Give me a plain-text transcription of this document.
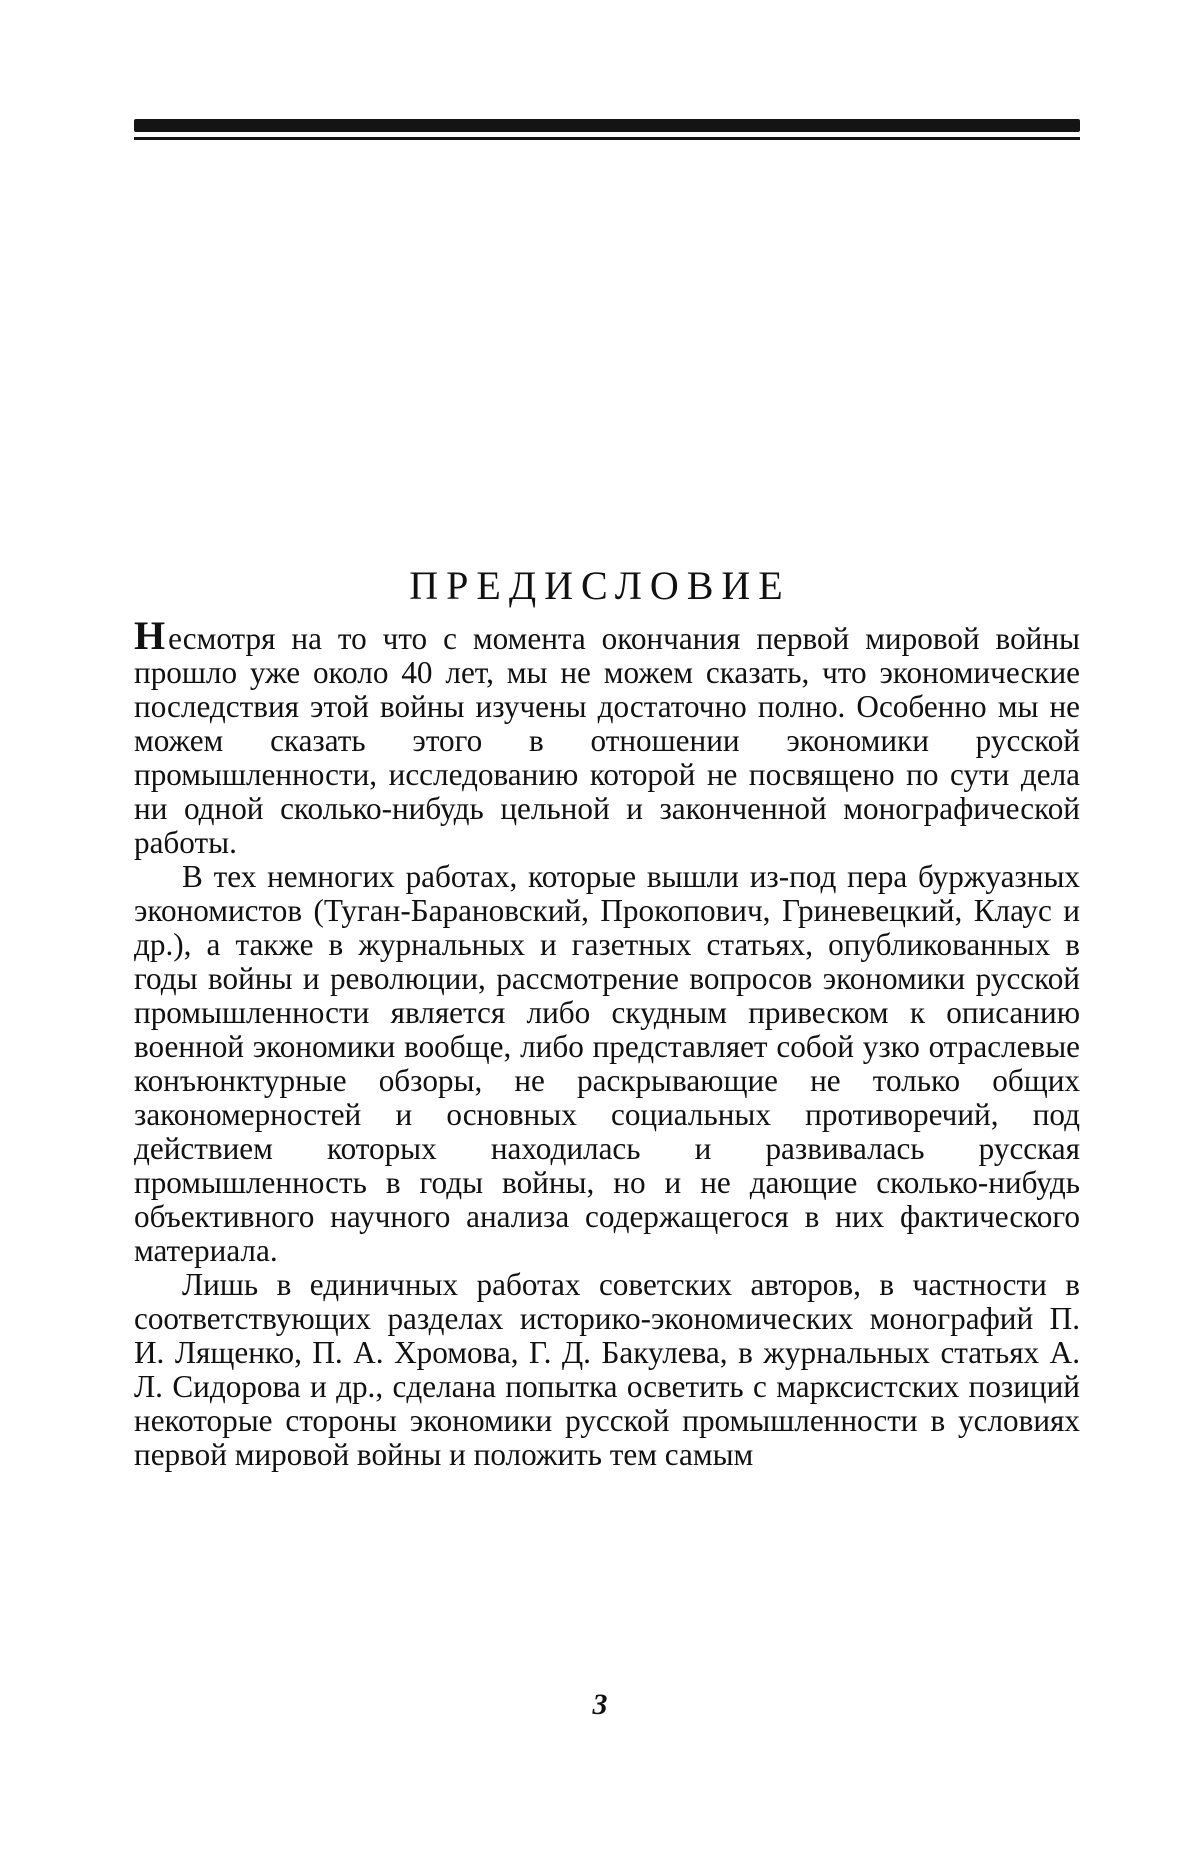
ПРЕДИСЛОВИЕ

Несмотря на то что с момента окончания первой мировой войны прошло уже около 40 лет, мы не можем сказать, что экономические последствия этой войны изучены достаточно полно. Особенно мы не можем сказать этого в отношении экономики русской промышленности, исследованию которой не посвящено по сути дела ни одной сколько-нибудь цельной и законченной монографической работы.

В тех немногих работах, которые вышли из-под пера буржуазных экономистов (Туган-Барановский, Прокопович, Гриневецкий, Клаус и др.), а также в журнальных и газетных статьях, опубликованных в годы войны и революции, рассмотрение вопросов экономики русской промышленности является либо скудным привеском к описанию военной экономики вообще, либо представляет собой узко отраслевые конъюнктурные обзоры, не раскрывающие не только общих закономерностей и основных социальных противоречий, под действием которых находилась и развивалась русская промышленность в годы войны, но и не дающие сколько-нибудь объективного научного анализа содержащегося в них фактического материала.

Лишь в единичных работах советских авторов, в частности в соответствующих разделах историко-экономических монографий П. И. Лященко, П. А. Хромова, Г. Д. Бакулева, в журнальных статьях А. Л. Сидорова и др., сделана попытка осветить с марксистских позиций некоторые стороны экономики русской промышленности в условиях первой мировой войны и положить тем самым

3
